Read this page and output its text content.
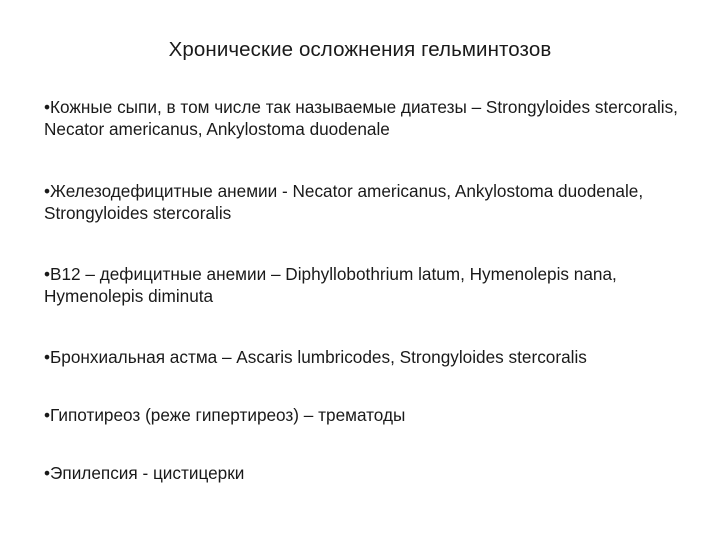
Хронические осложнения гельминтозов
•Кожные сыпи, в том числе так называемые диатезы – Strongyloides stercoralis, Necator americanus, Ankylostoma duodenale
•Железодефицитные анемии - Necator americanus, Ankylostoma duodenale, Strongyloides stercoralis
•В12 – дефицитные анемии – Diphyllobothrium latum, Hymenolepis nana, Hymenolepis diminuta
•Бронхиальная астма – Ascaris lumbricodes, Strongyloides stercoralis
•Гипотиреоз (реже гипертиреоз) – трематоды
•Эпилепсия - цистицерки
